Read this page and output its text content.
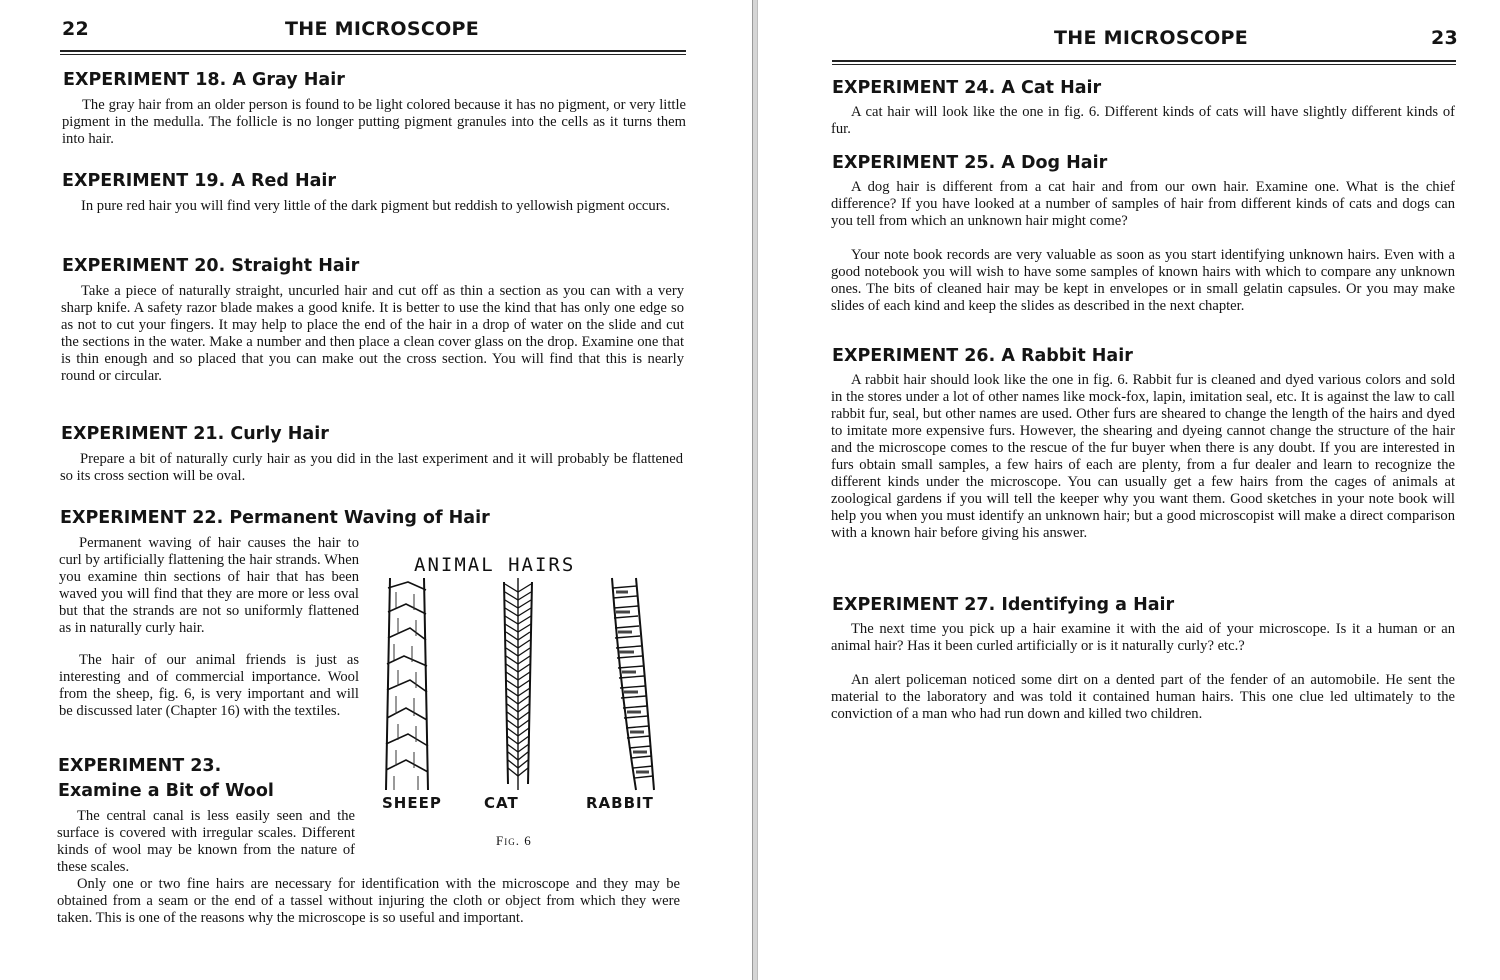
22	THE MICROSCOPE
EXPERIMENT 18. A Gray Hair

The gray hair from an older person is found to be light colored because it has no pigment, or very little pigment in the medulla. The follicle is no longer putting pigment granules into the cells as it turns them into hair.

EXPERIMENT 19. A Red Hair

In pure red hair you will find very little of the dark pigment but reddish to yellowish pigment occurs.

EXPERIMENT 20. Straight Hair

Take a piece of naturally straight, uncurled hair and cut off as thin a section as you can with a very sharp knife. A safety razor blade makes a good knife. It is better to use the kind that has only one edge so as not to cut your fingers. It may help to place the end of the hair in a drop of water on the slide and cut the sections in the water. Make a number and then place a clean cover glass on the drop. Examine one that is thin enough and so placed that you can make out the cross section. You will find that this is nearly round or circular.

EXPERIMENT 21. Curly Hair

Prepare a bit of naturally curly hair as you did in the last experiment and it will probably be flattened so its cross section will be oval.

EXPERIMENT 22. Permanent Waving of Hair

Permanent waving of hair causes the hair to curl by artificially flattening the hair strands. When you examine thin sections of hair that has been waved you will find that they are more or less oval but that the strands are not so uniformly flattened as in naturally curly hair.

The hair of our animal friends is just as interesting and of commercial importance. Wool from the sheep, fig. 6, is very important and will be discussed later (Chapter 16) with the textiles.

EXPERIMENT 23.
Examine a Bit of Wool

The central canal is less easily seen and the surface is covered with irregular scales. Different kinds of wool may be known from the nature of these scales.

Only one or two fine hairs are necessary for identification with the microscope and they may be obtained from a seam or the end of a tassel without injuring the cloth or object from which they were taken. This is one of the reasons why the microscope is so useful and important.

ANIMAL HAIRS
SHEEP	CAT	RABBIT
Fig. 6
THE MICROSCOPE	23
EXPERIMENT 24. A Cat Hair

A cat hair will look like the one in fig. 6. Different kinds of cats will have slightly different kinds of fur.

EXPERIMENT 25. A Dog Hair

A dog hair is different from a cat hair and from our own hair. Examine one. What is the chief difference? If you have looked at a number of samples of hair from different kinds of cats and dogs can you tell from which an unknown hair might come?

Your note book records are very valuable as soon as you start identifying unknown hairs. Even with a good notebook you will wish to have some samples of known hairs with which to compare any unknown ones. The bits of cleaned hair may be kept in envelopes or in small gelatin capsules. Or you may make slides of each kind and keep the slides as described in the next chapter.

EXPERIMENT 26. A Rabbit Hair

A rabbit hair should look like the one in fig. 6. Rabbit fur is cleaned and dyed various colors and sold in the stores under a lot of other names like mock-fox, lapin, imitation seal, etc. It is against the law to call rabbit fur, seal, but other names are used. Other furs are sheared to change the length of the hairs and dyed to imitate more expensive furs. However, the shearing and dyeing cannot change the structure of the hair and the microscope comes to the rescue of the fur buyer when there is any doubt. If you are interested in furs obtain small samples, a few hairs of each are plenty, from a fur dealer and learn to recognize the different kinds under the microscope. You can usually get a few hairs from the cages of animals at zoological gardens if you will tell the keeper why you want them. Good sketches in your note book will help you when you must identify an unknown hair; but a good microscopist will make a direct comparison with a known hair before giving his answer.

EXPERIMENT 27. Identifying a Hair

The next time you pick up a hair examine it with the aid of your microscope. Is it a human or an animal hair? Has it been curled artificially or is it naturally curly? etc.?

An alert policeman noticed some dirt on a dented part of the fender of an automobile. He sent the material to the laboratory and was told it contained human hairs. This one clue led ultimately to the conviction of a man who had run down and killed two children.
